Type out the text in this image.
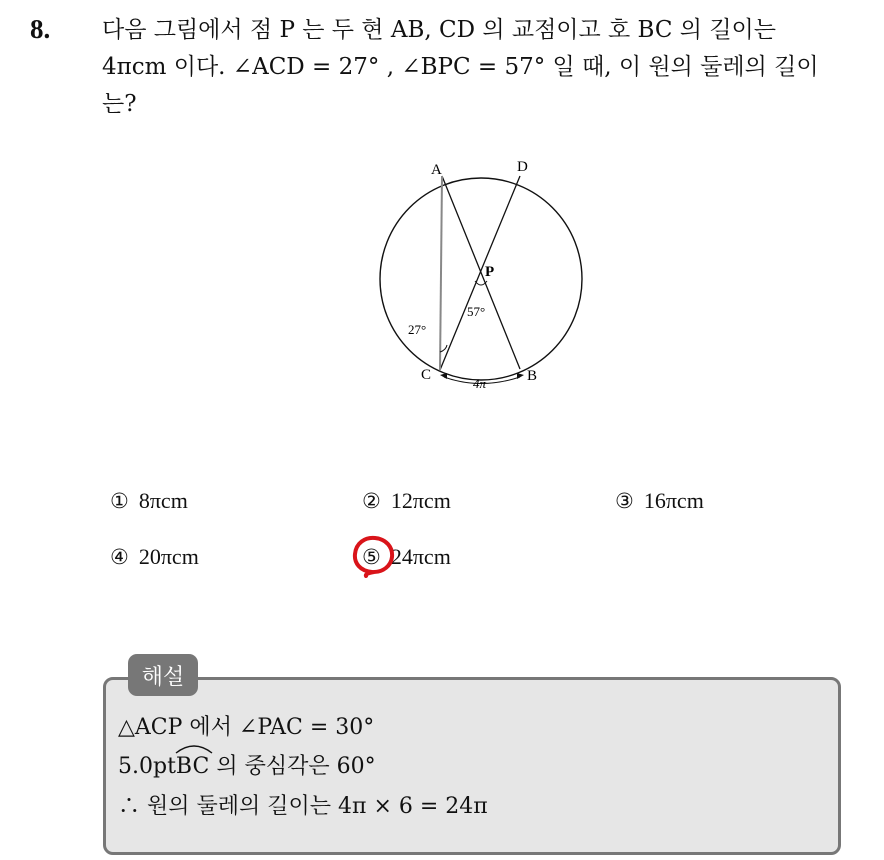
8. 다음 그림에서 점 P 는 두 현 AB, CD 의 교점이고 호 BC 의 길이는
4πcm 이다. ∠ACD = 27° , ∠BPC = 57° 일 때, 이 원의 둘레의 길이
는?
A	D
P
C	B
27°
57°
4π
① 8πcm	② 12πcm	③ 16πcm
④ 20πcm	⑤ 24πcm
해설
△ACP 에서 ∠PAC = 30°
5.0pt
BC 의 중심각은 60°
∴ 원의 둘레의 길이는 4π × 6 = 24π
